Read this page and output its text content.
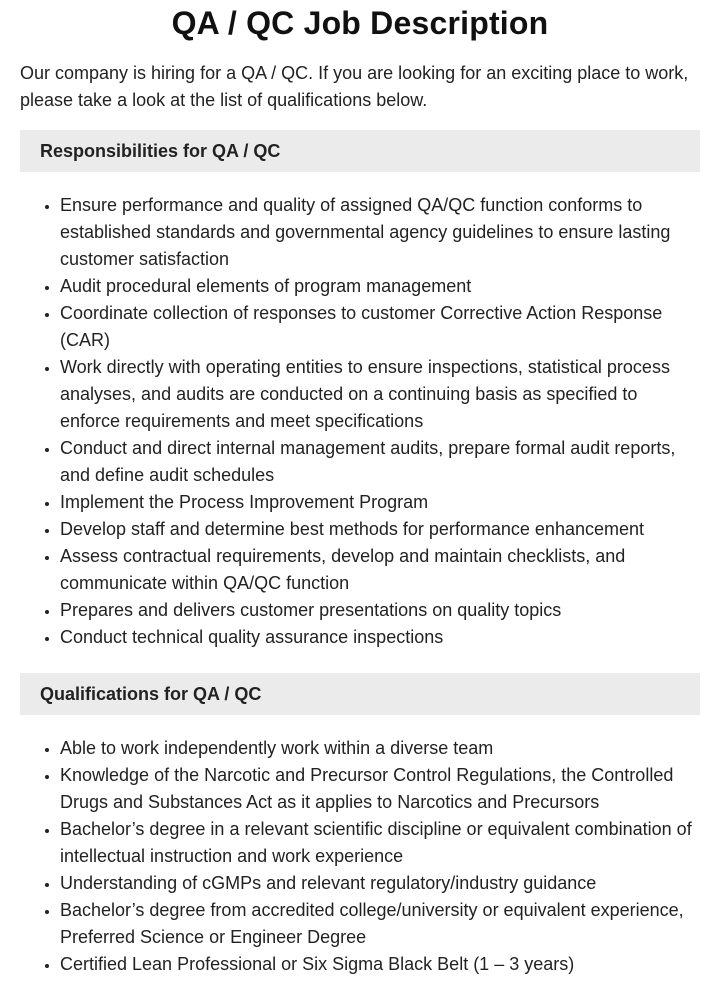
QA / QC Job Description

Our company is hiring for a QA / QC. If you are looking for an exciting place to work, please take a look at the list of qualifications below.

Responsibilities for QA / QC
• Ensure performance and quality of assigned QA/QC function conforms to established standards and governmental agency guidelines to ensure lasting customer satisfaction
• Audit procedural elements of program management
• Coordinate collection of responses to customer Corrective Action Response (CAR)
• Work directly with operating entities to ensure inspections, statistical process analyses, and audits are conducted on a continuing basis as specified to enforce requirements and meet specifications
• Conduct and direct internal management audits, prepare formal audit reports, and define audit schedules
• Implement the Process Improvement Program
• Develop staff and determine best methods for performance enhancement
• Assess contractual requirements, develop and maintain checklists, and communicate within QA/QC function
• Prepares and delivers customer presentations on quality topics
• Conduct technical quality assurance inspections
Qualifications for QA / QC
• Able to work independently work within a diverse team
• Knowledge of the Narcotic and Precursor Control Regulations, the Controlled Drugs and Substances Act as it applies to Narcotics and Precursors
• Bachelor’s degree in a relevant scientific discipline or equivalent combination of intellectual instruction and work experience
• Understanding of cGMPs and relevant regulatory/industry guidance
• Bachelor’s degree from accredited college/university or equivalent experience, Preferred Science or Engineer Degree
• Certified Lean Professional or Six Sigma Black Belt (1 – 3 years)
